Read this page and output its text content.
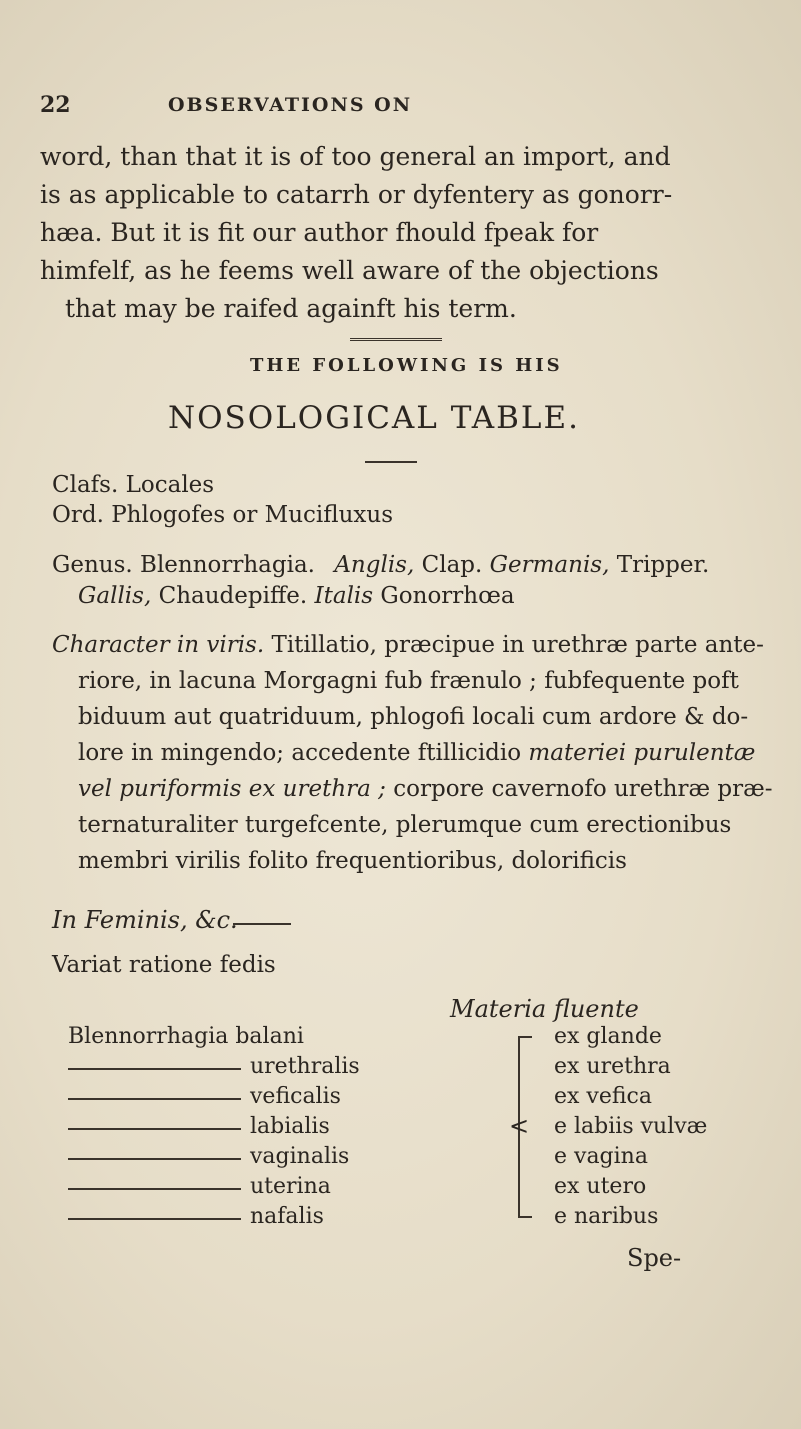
22	OBSERVATIONS ON
word, than that it is of too general an import, and
is as applicable to catarrh or dyfentery as gonorr-
hæa. But it is fit our author fhould fpeak for
himfelf, as he feems well aware of the objections
that may be raifed againft his term.
THE FOLLOWING IS HIS
NOSOLOGICAL TABLE.
Clafs. Locales
Ord. Phlogofes or Mucifluxus
Genus. Blennorrhagia. Anglis, Clap. Germanis, Tripper.
Gallis, Chaudepiffe. Italis Gonorrhœa
Character in viris. Titillatio, præcipue in urethræ parte ante-
riore, in lacuna Morgagni fub frænulo ; fubfequente poft
biduum aut quatriduum, phlogofi locali cum ardore & do-
lore in mingendo; accedente ftillicidio materiei purulentæ
vel puriformis ex urethra ; corpore cavernofo urethræ præ-
ternaturaliter turgefcente, plerumque cum erectionibus
membri virilis folito frequentioribus, dolorificis
In Feminis, &c.
Variat ratione fedis
Materia fluente
Blennorrhagia balani
urethralis
veficalis
labialis
vaginalis
uterina
nafalis
<
ex glande
ex urethra
ex vefica
e labiis vulvæ
e vagina
ex utero
e naribus
Spe-
